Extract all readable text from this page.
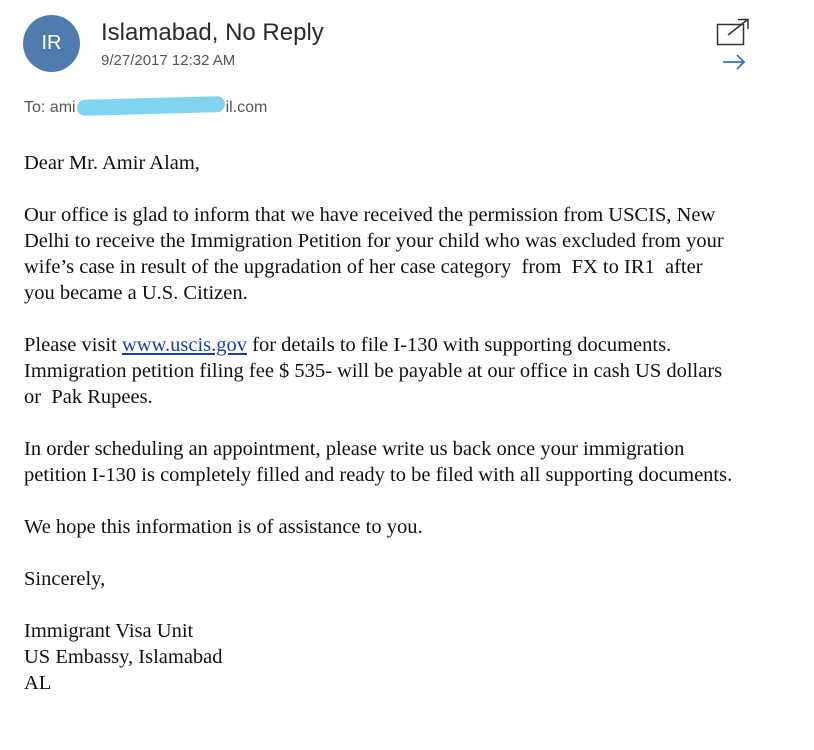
IR	Islamabad, No Reply
9/27/2017 12:32 AM
To: ami	il.com

Dear Mr. Amir Alam,

Our office is glad to inform that we have received the permission from USCIS, New
Delhi to receive the Immigration Petition for your child who was excluded from your
wife’s case in result of the upgradation of her case category  from  FX to IR1  after
you became a U.S. Citizen.

Please visit www.uscis.gov for details to file I-130 with supporting documents.
Immigration petition filing fee $ 535- will be payable at our office in cash US dollars
or  Pak Rupees.

In order scheduling an appointment, please write us back once your immigration
petition I-130 is completely filled and ready to be filed with all supporting documents.

We hope this information is of assistance to you.

Sincerely,

Immigrant Visa Unit
US Embassy, Islamabad
AL
